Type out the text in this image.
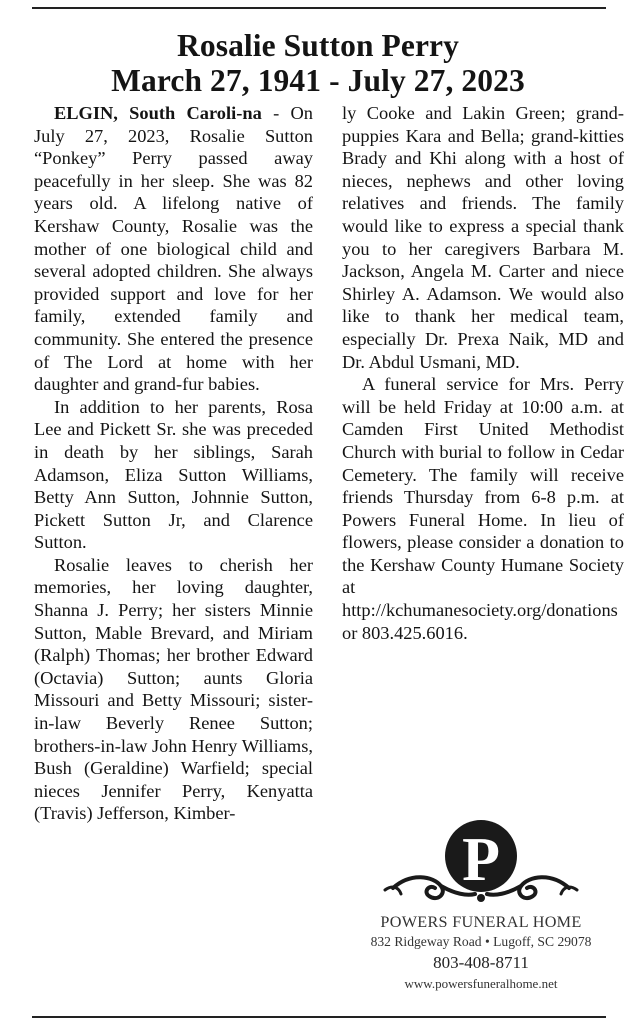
Rosalie Sutton Perry
March 27, 1941 - July 27, 2023

ELGIN, South Caroli-na - On July 27, 2023, Rosalie Sutton “Ponkey” Perry passed away peacefully in her sleep. She was 82 years old. A lifelong native of Kershaw County, Rosalie was the mother of one biological child and several adopted children. She always provided support and love for her family, extended family and community. She entered the presence of The Lord at home with her daughter and grand-fur babies.

In addition to her parents, Rosa Lee and Pickett Sr. she was preceded in death by her siblings, Sarah Adamson, Eliza Sutton Williams, Betty Ann Sutton, Johnnie Sutton, Pickett Sutton Jr, and Clarence Sutton.

Rosalie leaves to cherish her memories, her loving daughter, Shanna J. Perry; her sisters Minnie Sutton, Mable Brevard, and Miriam (Ralph) Thomas; her brother Edward (Octavia) Sutton; aunts Gloria Missouri and Betty Missouri; sister-in-law Beverly Renee Sutton; brothers-in-law John Henry Williams, Bush (Geraldine) Warfield; special nieces Jennifer Perry, Kenyatta (Travis) Jefferson, Kimber-

ly Cooke and Lakin Green; grand-puppies Kara and Bella; grand-kitties Brady and Khi along with a host of nieces, nephews and other loving relatives and friends. The family would like to express a special thank you to her caregivers Barbara M. Jackson, Angela M. Carter and niece Shirley A. Adamson. We would also like to thank her medical team, especially Dr. Prexa Naik, MD and Dr. Abdul Usmani, MD.

A funeral service for Mrs. Perry will be held Friday at 10:00 a.m. at Camden First United Methodist Church with burial to follow in Cedar Cemetery. The family will receive friends Thursday from 6-8 p.m. at Powers Funeral Home. In lieu of flowers, please consider a donation to the Kershaw County Humane Society at http://kchumanesociety.org/donations or 803.425.6016.

P
POWERS FUNERAL HOME
832 Ridgeway Road • Lugoff, SC 29078
803-408-8711
www.powersfuneralhome.net
